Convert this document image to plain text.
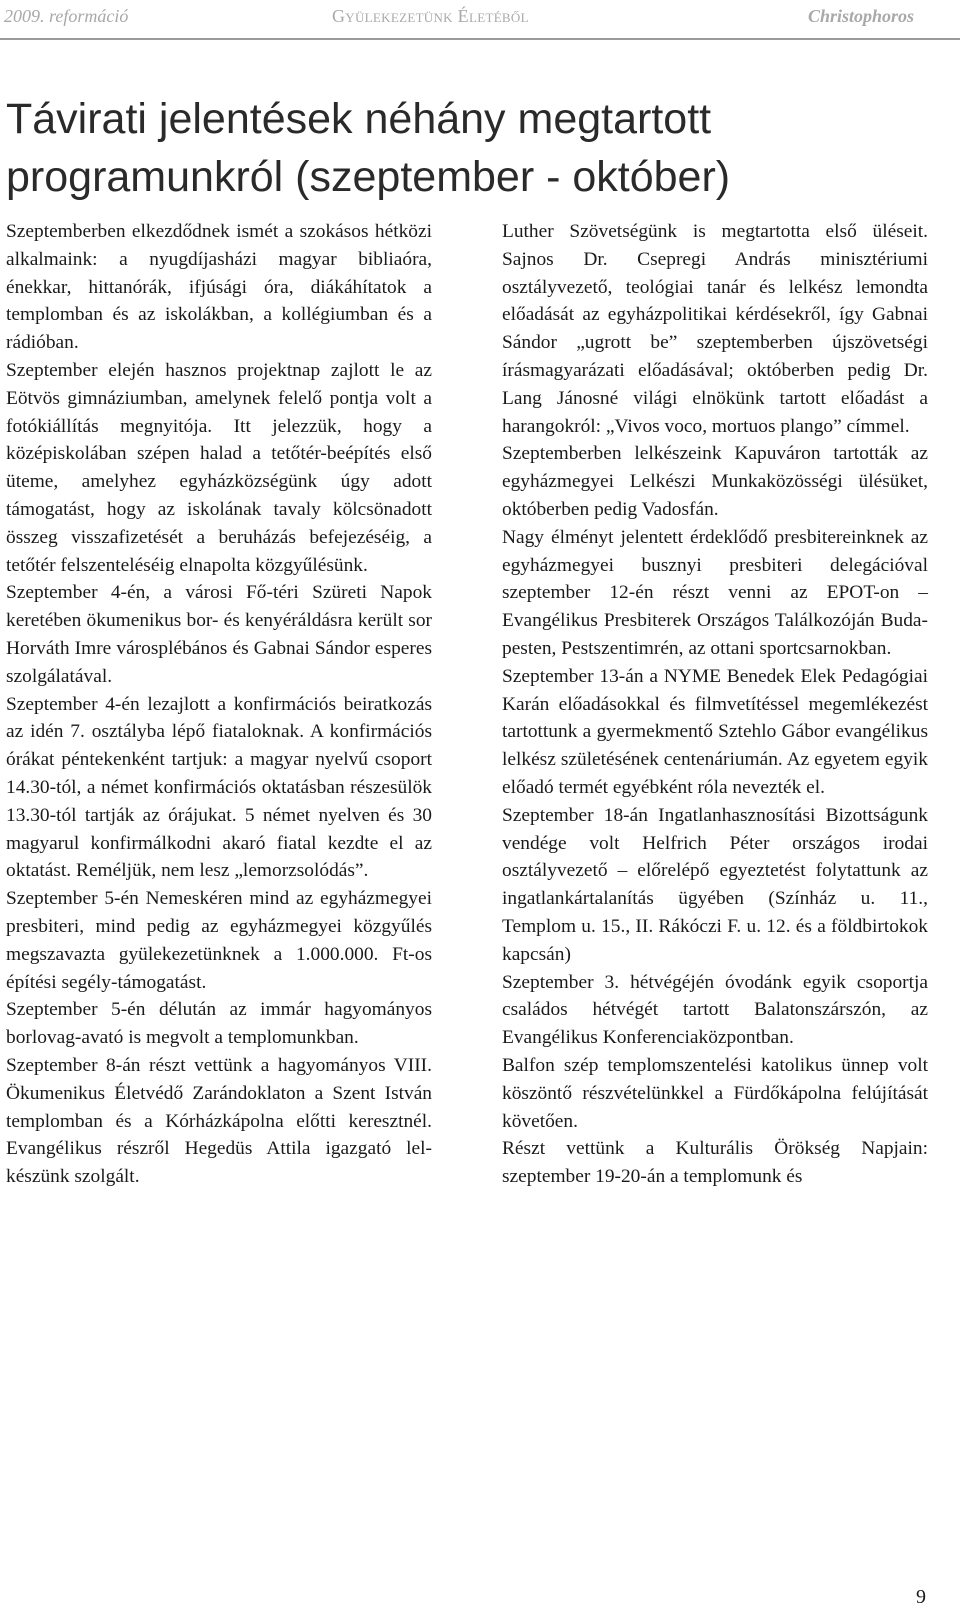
2009. reformáció	Gyülekezetünk Életéből	Christophoros
Távirati jelentések néhány megtartott programunkról (szeptember - október)

Szeptemberben elkezdődnek ismét a szokásos hétközi alkalmaink: a nyugdíjasházi magyar bibliaóra, énekkar, hittanórák, ifjúsági óra, diákáhítatok a templomban és az iskolákban, a kollégiumban és a rádióban.

Szeptember elején hasznos projektnap zajlott le az Eötvös gimnáziumban, amelynek felelő pontja volt a fotókiállítás megnyitója. Itt jelezzük, hogy a középiskolában szépen halad a tetőtér-beépítés első üteme, amelyhez egyházközségünk úgy adott támogatást, hogy az iskolának tavaly kölcsönadott összeg visszafizetését a beruházás befejezéséig, a tetőtér felszenteléséig elnapolta közgyűlésünk.

Szeptember 4-én, a városi Fő-téri Szüreti Napok keretében ökumenikus bor- és kenyéráldásra került sor Horváth Imre városplébános és Gabnai Sándor esperes szolgálatával.

Szeptember 4-én lezajlott a konfirmációs beiratkozás az idén 7. osztályba lépő fiataloknak. A konfirmációs órákat péntekenként tartjuk: a magyar nyelvű csoport 14.30-tól, a német konfirmációs oktatásban részesülök 13.30-tól tartják az órájukat. 5 német nyelven és 30 magyarul konfirmálkodni akaró fiatal kezdte el az oktatást. Reméljük, nem lesz „lemorzsolódás”.

Szeptember 5-én Nemeskéren mind az egyházmegyei presbiteri, mind pedig az egyházmegyei közgyűlés megszavazta gyülekezetünknek a 1.000.000. Ft-os építési segély-támogatást.

Szeptember 5-én délután az immár hagyományos borlovag-avató is megvolt a templomunkban.

Szeptember 8-án részt vettünk a hagyományos VIII. Ökumenikus Életvédő Zarándoklaton a Szent István templomban és a Kórházkápolna előtti keresztnél. Evangélikus részről Hegedüs Attila igazgató lelkészünk szolgált.

Luther Szövetségünk is megtartotta első üléseit. Sajnos Dr. Csepregi András minisztériumi osztályvezető, teológiai tanár és lelkész lemondta előadását az egyházpolitikai kérdésekről, így Gabnai Sándor „ugrott be” szeptemberben újszövetségi írásmagyarázati előadásával; októberben pedig Dr. Lang Jánosné világi elnökünk tartott előadást a harangokról: „Vivos voco, mortuos plango” címmel.

Szeptemberben lelkészeink Kapuváron tartották az egyházmegyei Lelkészi Munkaközösségi ülésüket, októberben pedig Vadosfán.

Nagy élményt jelentett érdeklődő presbitereinknek az egyházmegyei busznyi presbiteri delegációval szeptember 12-én részt venni az EPOT-on – Evangélikus Presbiterek Országos Találkozóján Budapesten, Pestszentimrén, az ottani sportcsarnokban.

Szeptember 13-án a NYME Benedek Elek Pedagógiai Karán előadásokkal és filmvetítéssel megemlékezést tartottunk a gyermekmentő Sztehlo Gábor evangélikus lelkész születésének centenáriumán. Az egyetem egyik előadó termét egyébként róla nevezték el.

Szeptember 18-án Ingatlanhasznosítási Bizottságunk vendége volt Helfrich Péter országos irodai osztályvezető – előrelépő egyeztetést folytattunk az ingatlankártalanítás ügyében (Színház u. 11., Templom u. 15., II. Rákóczi F. u. 12. és a földbirtokok kapcsán)

Szeptember 3. hétvégéjén óvodánk egyik csoportja családos hétvégét tartott Balatonszárszón, az Evangélikus Konferenciaközpontban.

Balfon szép templomszentelési katolikus ünnep volt köszöntő részvételünkkel a Fürdőkápolna felújítását követően.

Részt vettünk a Kulturális Örökség Napjain: szeptember 19-20-án a templomunk és

9
